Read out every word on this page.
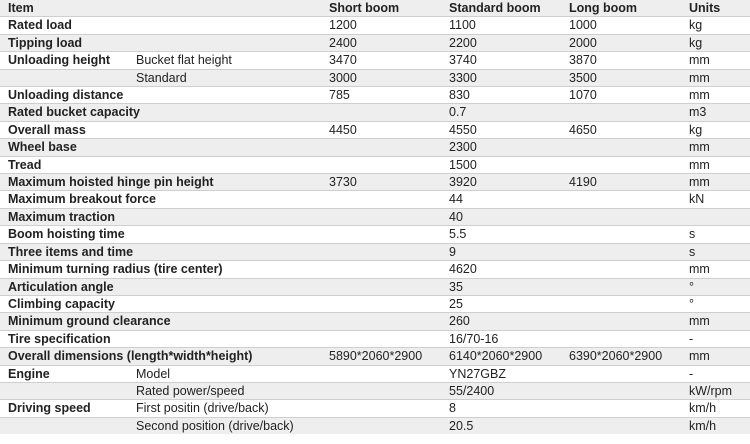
Item		Short boom	Standard boom	Long boom	Units
Rated load		1200	1100	1000	kg
Tipping load		2400	2200	2000	kg
Unloading height	Bucket flat height	3470	3740	3870	mm
	Standard	3000	3300	3500	mm
Unloading distance		785	830	1070	mm
Rated bucket capacity			0.7		m3
Overall mass		4450	4550	4650	kg
Wheel base			2300		mm
Tread			1500		mm
Maximum hoisted hinge pin height		3730	3920	4190	mm
Maximum breakout force			44		kN
Maximum traction			40		
Boom hoisting time			5.5		s
Three items and time			9		s
Minimum turning radius (tire center)			4620		mm
Articulation angle			35		°
Climbing capacity			25		°
Minimum ground clearance			260		mm
Tire specification			16/70-16		-
Overall dimensions (length*width*height)		5890*2060*2900	6140*2060*2900	6390*2060*2900	mm
Engine	Model		YN27GBZ		-
	Rated power/speed		55/2400		kW/rpm
Driving speed	First positin (drive/back)		8		km/h
	Second position (drive/back)		20.5		km/h
